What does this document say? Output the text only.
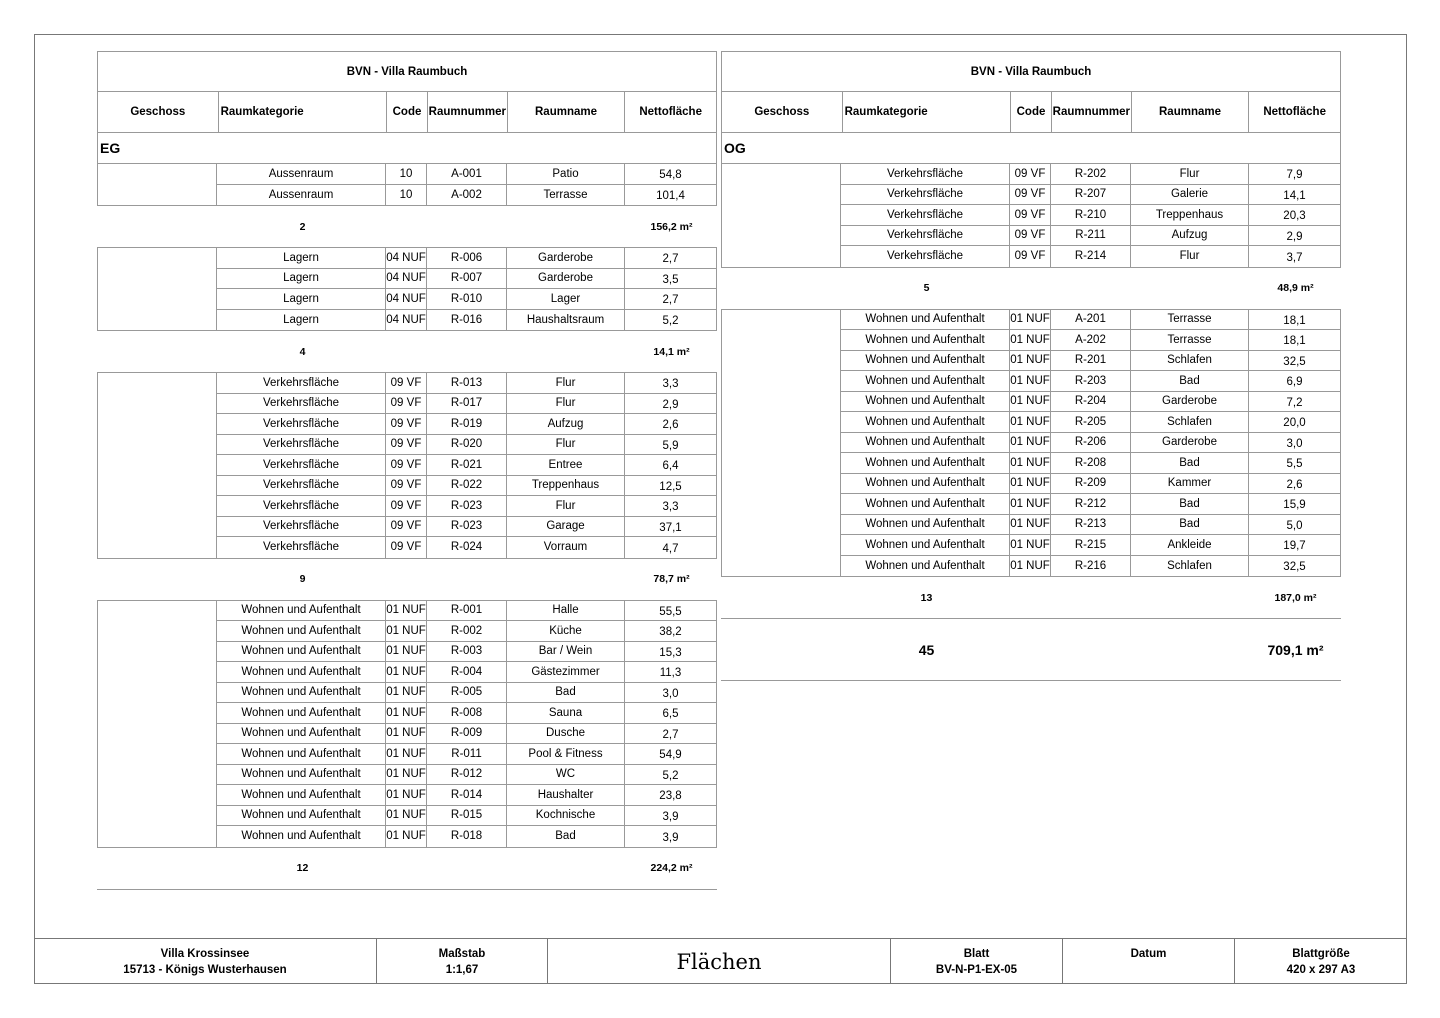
BVN - Villa Raumbuch
Geschoss	Raumkategorie	Code Raumnummer	Raumname	Nettofläche
EG
Aussenraum	10	A-001	Patio	54,8
Aussenraum	10	A-002	Terrasse	101,4
2	156,2 m²
Lagern	04 NUF R-006	Garderobe	2,7
Lagern	04 NUF R-007	Garderobe	3,5
Lagern	04 NUF R-010	Lager	2,7
Lagern	04 NUF R-016	Haushaltsraum	5,2
4	14,1 m²
Verkehrsfläche	09 VF	R-013	Flur	3,3
Verkehrsfläche	09 VF	R-017	Flur	2,9
Verkehrsfläche	09 VF	R-019	Aufzug	2,6
Verkehrsfläche	09 VF	R-020	Flur	5,9
Verkehrsfläche	09 VF	R-021	Entree	6,4
Verkehrsfläche	09 VF	R-022	Treppenhaus	12,5
Verkehrsfläche	09 VF	R-023	Flur	3,3
Verkehrsfläche	09 VF	R-023	Garage	37,1
Verkehrsfläche	09 VF	R-024	Vorraum	4,7
9	78,7 m²
Wohnen und Aufenthalt 01 NUF R-001	Halle	55,5
Wohnen und Aufenthalt 01 NUF R-002	Küche	38,2
Wohnen und Aufenthalt 01 NUF R-003	Bar / Wein	15,3
Wohnen und Aufenthalt 01 NUF R-004	Gästezimmer	11,3
Wohnen und Aufenthalt 01 NUF R-005	Bad	3,0
Wohnen und Aufenthalt 01 NUF R-008	Sauna	6,5
Wohnen und Aufenthalt 01 NUF R-009	Dusche	2,7
Wohnen und Aufenthalt 01 NUF R-011	Pool & Fitness	54,9
Wohnen und Aufenthalt 01 NUF R-012	WC	5,2
Wohnen und Aufenthalt 01 NUF R-014	Haushalter	23,8
Wohnen und Aufenthalt 01 NUF R-015	Kochnische	3,9
Wohnen und Aufenthalt 01 NUF R-018	Bad	3,9
12	224,2 m²
BVN - Villa Raumbuch
Geschoss	Raumkategorie	Code Raumnummer	Raumname	Nettofläche
OG
Verkehrsfläche	09 VF	R-202	Flur	7,9
Verkehrsfläche	09 VF	R-207	Galerie	14,1
Verkehrsfläche	09 VF	R-210	Treppenhaus	20,3
Verkehrsfläche	09 VF	R-211	Aufzug	2,9
Verkehrsfläche	09 VF	R-214	Flur	3,7
5	48,9 m²
Wohnen und Aufenthalt 01 NUF A-201	Terrasse	18,1
Wohnen und Aufenthalt 01 NUF A-202	Terrasse	18,1
Wohnen und Aufenthalt 01 NUF R-201	Schlafen	32,5
Wohnen und Aufenthalt 01 NUF R-203	Bad	6,9
Wohnen und Aufenthalt 01 NUF R-204	Garderobe	7,2
Wohnen und Aufenthalt 01 NUF R-205	Schlafen	20,0
Wohnen und Aufenthalt 01 NUF R-206	Garderobe	3,0
Wohnen und Aufenthalt 01 NUF R-208	Bad	5,5
Wohnen und Aufenthalt 01 NUF R-209	Kammer	2,6
Wohnen und Aufenthalt 01 NUF R-212	Bad	15,9
Wohnen und Aufenthalt 01 NUF R-213	Bad	5,0
Wohnen und Aufenthalt 01 NUF R-215	Ankleide	19,7
Wohnen und Aufenthalt 01 NUF R-216	Schlafen	32,5
13	187,0 m²
45	709,1 m²
Villa Krossinsee
15713 - Königs Wusterhausen
Maßstab
1:1,67	Flächen	Blatt
BV-N-P1-EX-05
Datum	Blattgröße
420 x 297 A3
